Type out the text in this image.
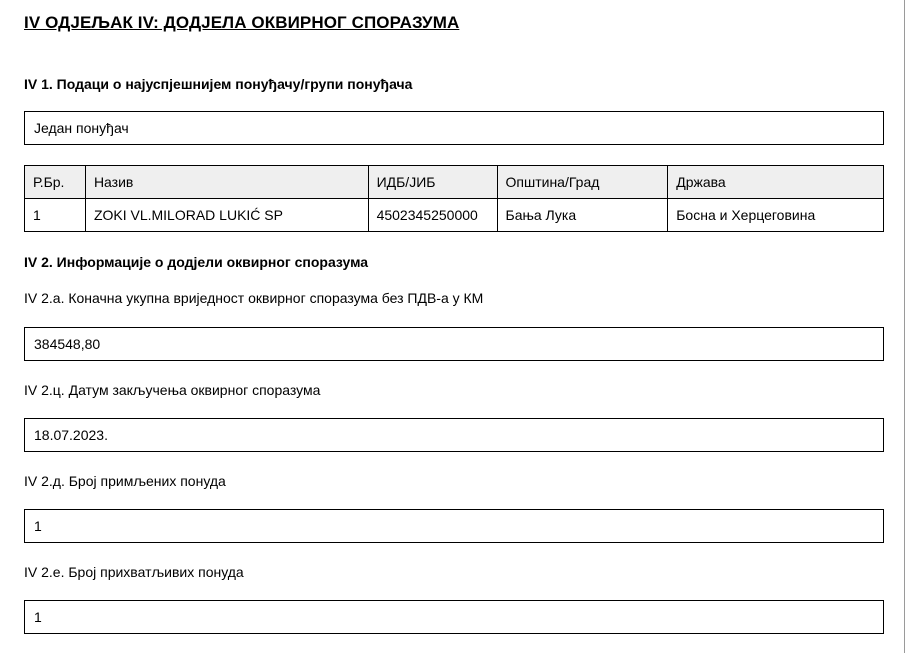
IV ОДЈЕЉАК IV: ДОДЈЕЛА ОКВИРНОГ СПОРАЗУМА
IV 1. Подаци о најуспјешнијем понуђачу/групи понуђача
Један понуђач
Р.Бр.	Назив	ИДБ/ЈИБ	Општина/Град	Држава
1	ZOKI VL.MILORAD LUKIĆ SP	4502345250000	Бања Лука	Босна и Херцеговина
IV 2. Информације о додјели оквирног споразума
IV 2.а. Коначна укупна вриједност оквирног споразума без ПДВ-а у КМ
384548,80
IV 2.ц. Датум закључења оквирног споразума
18.07.2023.
IV 2.д. Број примљених понуда
1
IV 2.е. Број прихватљивих понуда
1
